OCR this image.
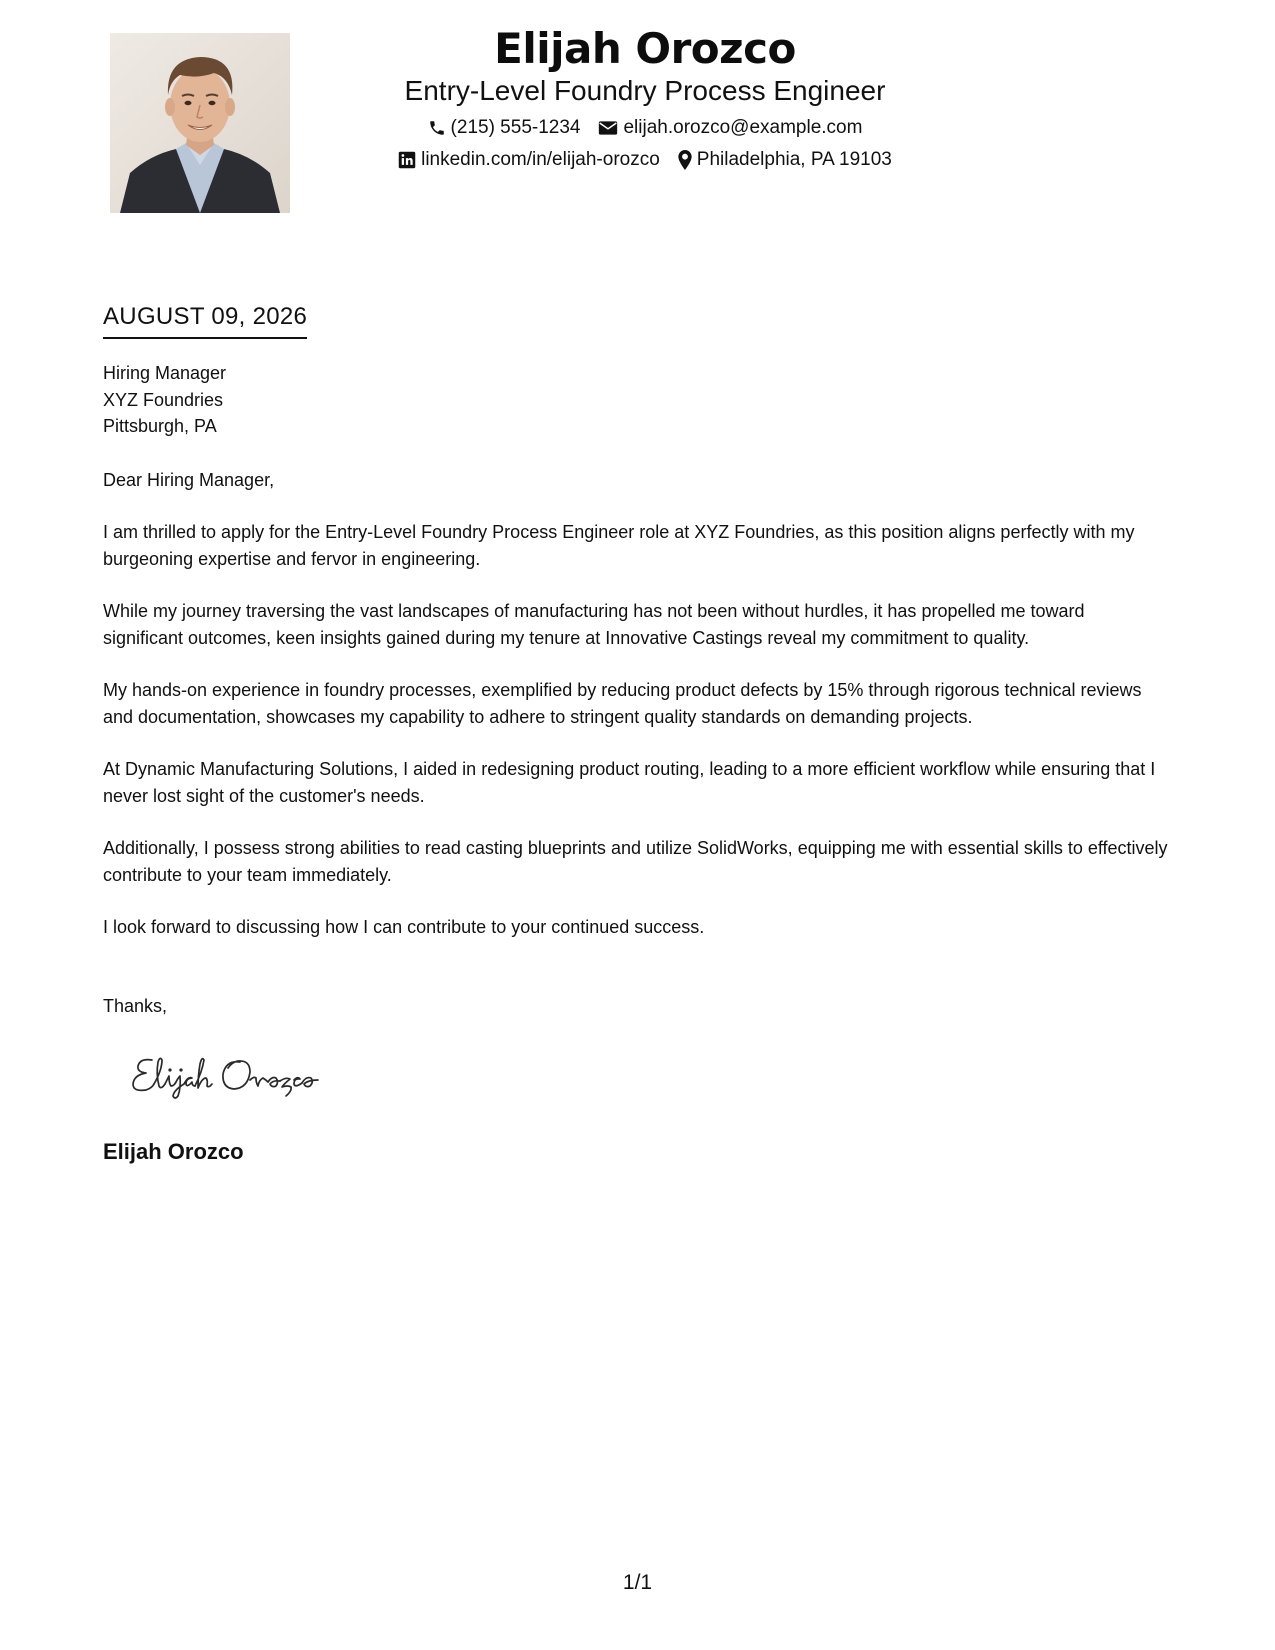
Elijah Orozco
Entry-Level Foundry Process Engineer
(215) 555-1234 elijah.orozco@example.com
linkedin.com/in/elijah-orozco Philadelphia, PA 19103
AUGUST 09, 2026
Hiring Manager
XYZ Foundries
Pittsburgh, PA
Dear Hiring Manager,
I am thrilled to apply for the Entry-Level Foundry Process Engineer role at XYZ Foundries, as this position aligns perfectly with my burgeoning expertise and fervor in engineering.
While my journey traversing the vast landscapes of manufacturing has not been without hurdles, it has propelled me toward significant outcomes, keen insights gained during my tenure at Innovative Castings reveal my commitment to quality.
My hands-on experience in foundry processes, exemplified by reducing product defects by 15% through rigorous technical reviews and documentation, showcases my capability to adhere to stringent quality standards on demanding projects.
At Dynamic Manufacturing Solutions, I aided in redesigning product routing, leading to a more efficient workflow while ensuring that I never lost sight of the customer's needs.
Additionally, I possess strong abilities to read casting blueprints and utilize SolidWorks, equipping me with essential skills to effectively contribute to your team immediately.
I look forward to discussing how I can contribute to your continued success.
Thanks,
Elijah Orozco
1/1
